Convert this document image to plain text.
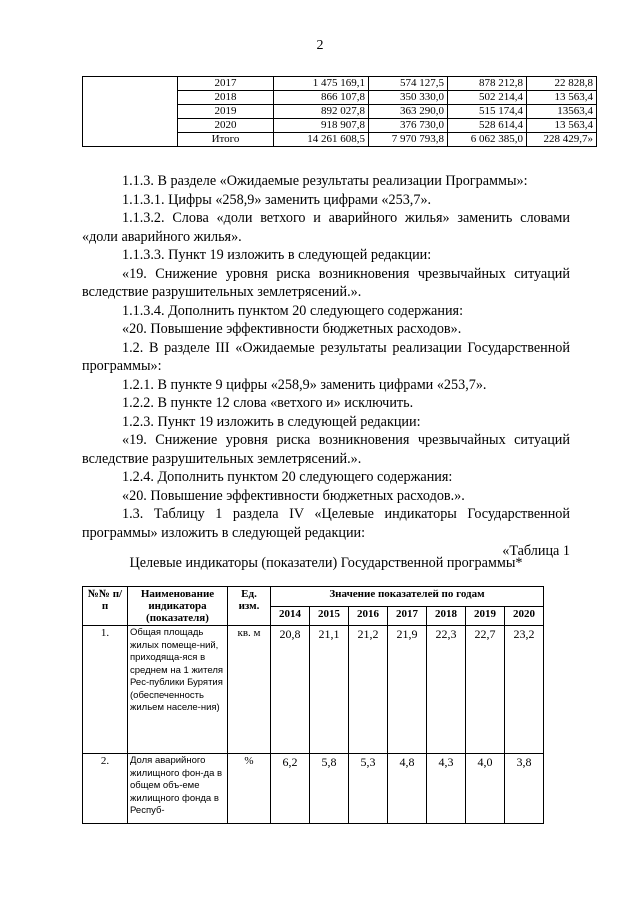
2
	2017	1 475 169,1	574 127,5	878 212,8	22 828,8
	2018	866 107,8	350 330,0	502 214,4	13 563,4
	2019	892 027,8	363 290,0	515 174,4	13563,4
	2020	918 907,8	376 730,0	528 614,4	13 563,4
	Итого	14 261 608,5	7 970 793,8	6 062 385,0	228 429,7»

1.1.3. В разделе «Ожидаемые результаты реализации Программы»:

1.1.3.1. Цифры «258,9» заменить цифрами «253,7».

1.1.3.2. Слова «доли ветхого и аварийного жилья» заменить словами «доли аварийного жилья».

1.1.3.3. Пункт 19 изложить в следующей редакции:

«19. Снижение уровня риска возникновения чрезвычайных ситуаций вследствие разрушительных землетрясений.».

1.1.3.4. Дополнить пунктом 20 следующего содержания:

«20. Повышение эффективности бюджетных расходов».

1.2. В разделе III «Ожидаемые результаты реализации Государственной программы»:

1.2.1. В пункте 9 цифры «258,9» заменить цифрами «253,7».

1.2.2. В пункте 12 слова «ветхого и» исключить.

1.2.3. Пункт 19 изложить в следующей редакции:

«19. Снижение уровня риска возникновения чрезвычайных ситуаций вследствие разрушительных землетрясений.».

1.2.4. Дополнить пунктом 20 следующего содержания:

«20. Повышение эффективности бюджетных расходов.».

1.3. Таблицу 1 раздела IV «Целевые индикаторы Государственной программы» изложить в следующей редакции:

«Таблица 1

Целевые индикаторы (показатели) Государственной программы*
№№ п/п	Наименование индикатора (показателя)	Ед. изм.	Значение показателей по годам						
			2014	2015	2016	2017	2018	2019	2020
1.	Общая площадь жилых помеще-ний, приходяща-яся в среднем на 1 жителя Рес-публики Бурятия (обеспеченность жильем населе-ния)	кв. м	20,8	21,1	21,2	21,9	22,3	22,7	23,2
2.	Доля аварийного жилищного фон-да в общем объ-еме жилищного фонда в Респуб-	%	6,2	5,8	5,3	4,8	4,3	4,0	3,8
